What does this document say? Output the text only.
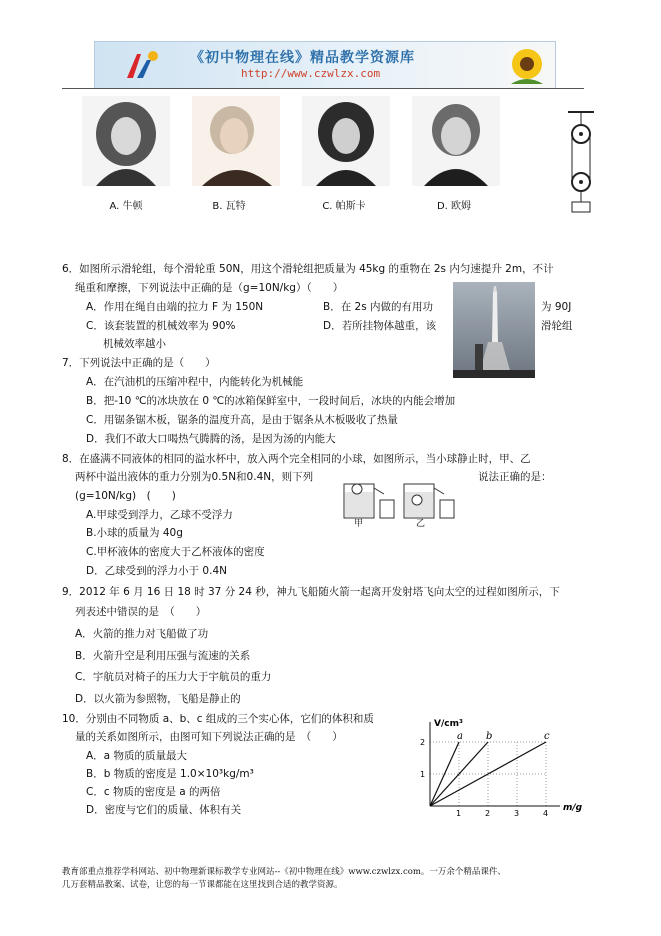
《初中物理在线》精品教学资源库
http://www.czwlzx.com
A. 牛顿	B. 瓦特	C. 帕斯卡	D. 欧姆
6．如图所示滑轮组，每个滑轮重 50N，用这个滑轮组把质量为 45kg 的重物在 2s 内匀速提升 2m，不计
绳重和摩擦，下列说法中正确的是（g=10N/kg）（　　）
A．作用在绳自由端的拉力 F 为 150N	B．在 2s 内做的有用功	为 90J
C．该套装置的机械效率为 90%	D．若所挂物体越重，该	滑轮组
机械效率越小
7．下列说法中正确的是（　　）
A．在汽油机的压缩冲程中，内能转化为机械能
B．把-10 ℃的冰块放在 0 ℃的冰箱保鲜室中，一段时间后，冰块的内能会增加
C．用锯条锯木板，锯条的温度升高，是由于锯条从木板吸收了热量
D．我们不敢大口喝热气腾腾的汤，是因为汤的内能大
8．在盛满不同液体的相同的溢水杯中，放入两个完全相同的小球，如图所示，当小球静止时，甲、乙
两杯中溢出液体的重力分别为0.5N和0.4N，则下列	说法正确的是：
(g=10N/kg)　(　　)
A.甲球受到浮力，乙球不受浮力
B.小球的质量为 40g
C.甲杯液体的密度大于乙杯液体的密度
D．乙球受到的浮力小于 0.4N
甲	乙
9．2012 年 6 月 16 日 18 时 37 分 24 秒，神九飞船随火箭一起离开发射塔飞向太空的过程如图所示，下
列表述中错误的是　（　　）
A．火箭的推力对飞船做了功
B．火箭升空是利用压强与流速的关系
C．宇航员对椅子的压力大于宇航员的重力
D．以火箭为参照物，飞船是静止的
10．分别由不同物质 a、b、c 组成的三个实心体，它们的体积和质
量的关系如图所示，由图可知下列说法正确的是　（　　）
A．a 物质的质量最大
B．b 物质的密度是 1.0×10³kg/m³
C．c 物质的密度是 a 的两倍
D．密度与它们的质量、体积有关
a b	c
1	2	3	4
1
2
V/cm³
m/g
教育部重点推荐学科网站、初中物理新课标教学专业网站--《初中物理在线》www.czwlzx.com。一万余个精品课件、
几万套精品教案、试卷，让您的每一节课都能在这里找到合适的教学资源。
